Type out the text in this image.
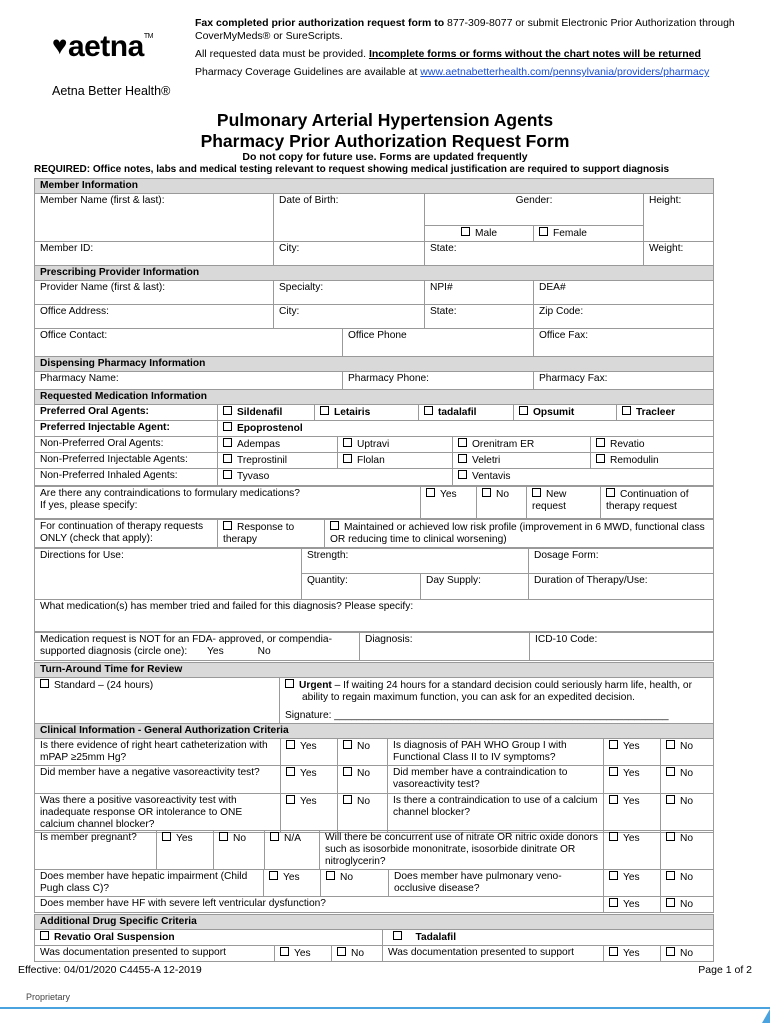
♥aetna™
Aetna Better Health®

Fax completed prior authorization request form to 877-309-8077 or submit Electronic Prior Authorization through CoverMyMeds® or SureScripts.

All requested data must be provided. Incomplete forms or forms without the chart notes will be returned

Pharmacy Coverage Guidelines are available at www.aetnabetterhealth.com/pennsylvania/providers/pharmacy

Pulmonary Arterial Hypertension Agents
Pharmacy Prior Authorization Request Form
Do not copy for future use. Forms are updated frequently
REQUIRED: Office notes, labs and medical testing relevant to request showing medical justification are required to support diagnosis
Member Information					
Member Name (first & last):	Date of Birth:		Gender:		Height:
			Male	Female	
Member ID:	City:		State:		Weight:
Prescribing Provider Information					
Provider Name (first & last):	Specialty:		NPI#	DEA#	
Office Address:	City:		State:	Zip Code:	
Office Contact:		Office Phone		Office Fax:	
Dispensing Pharmacy Information					
Pharmacy Name:		Pharmacy Phone:		Pharmacy Fax:	
Requested Medication Information					
Preferred Oral Agents:	Sildenafil	Letairis	tadalafil	Opsumit	Tracleer
Preferred Injectable Agent:	Epoprostenol				
Non-Preferred Oral Agents:	Adempas	Uptravi	Orenitram ER	Revatio
Non-Preferred Injectable Agents:	Treprostinil	Flolan	Veletri	Remodulin
Non-Preferred Inhaled Agents:	Tyvaso		Ventavis	
Are there any contraindications to formulary medications?
If yes, please specify:	Yes	No	New request	Continuation of therapy request
For continuation of therapy requests ONLY (check that apply):	Response to therapy	Maintained or achieved low risk profile (improvement in 6 MWD, functional class OR reducing time to clinical worsening)
Directions for Use:	Strength:		Dosage Form:
	Quantity:	Day Supply:	Duration of Therapy/Use:
What medication(s) has member tried and failed for this diagnosis? Please specify:			
Medication request is NOT for an FDA- approved, or compendia-supported diagnosis (circle one): Yes	No	Diagnosis:	ICD-10 Code:
Turn-Around Time for Review
Standard – (24 hours)	Urgent – If waiting 24 hours for a standard decision could seriously harm life, health, or ability to regain maximum function, you can ask for an expedited decision.
Signature: ___________________________________________________________
Clinical Information - General Authorization Criteria					
Is there evidence of right heart catheterization with mPAP ≥25mm Hg?	Yes	No	Is diagnosis of PAH WHO Group I with Functional Class II to IV symptoms?	Yes	No
Did member have a negative vasoreactivity test?	Yes	No	Did member have a contraindication to vasoreactivity test?	Yes	No
Was there a positive vasoreactivity test with inadequate response OR intolerance to ONE calcium channel blocker?	Yes	No	Is there a contraindication to use of a calcium channel blocker?	Yes	No
Is member pregnant?	Yes	No	N/A	Will there be concurrent use of nitrate OR nitric oxide donors such as isosorbide mononitrate, isosorbide dinitrate OR nitroglycerin?	Yes	No
Does member have hepatic impairment (Child Pugh class C)?	Yes	No	Does member have pulmonary veno-occlusive disease?	Yes	No
Does member have HF with severe left ventricular dysfunction?				Yes	No
Additional Drug Specific Criteria					
Revatio Oral Suspension			Tadalafil		
Was documentation presented to support	Yes	No	Was documentation presented to support	Yes	No
Effective: 04/01/2020 C4455-A 12-2019	Page 1 of 2
Proprietary
